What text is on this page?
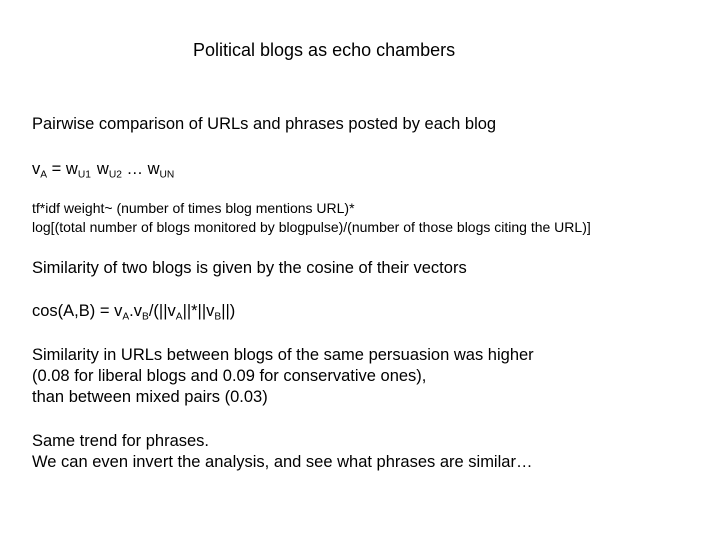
Political blogs as echo chambers
Pairwise comparison of URLs and phrases posted by each blog
$v_A = w_{U1}$ $w_{U2}$ … $w_{UN}$
tf*idf weight~ (number of times blog mentions URL)*
log[(total number of blogs monitored by blogpulse)/(number of those blogs citing the URL)]
Similarity of two blogs is given by the cosine of their vectors
$\cos(A,B) = v_A.v_B/(||v_A||*||v_B||)$
Similarity in URLs between blogs of the same persuasion was higher
(0.08 for liberal blogs and 0.09 for conservative ones),
than between mixed pairs (0.03)
Same trend for phrases.
We can even invert the analysis, and see what phrases are similar…
